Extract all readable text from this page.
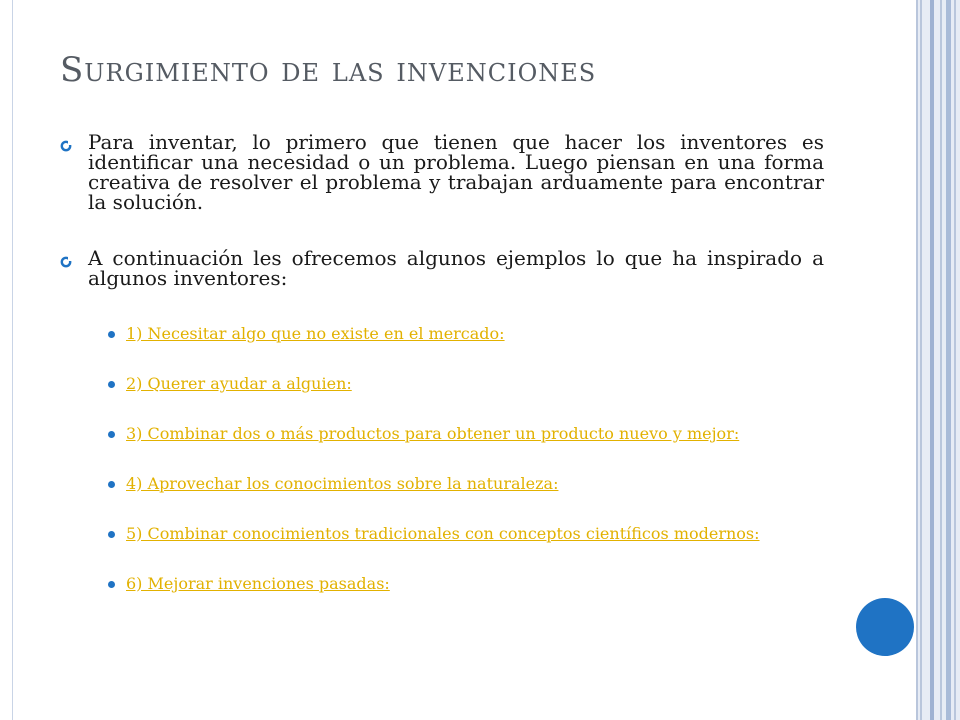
Surgimiento de las invenciones

Para inventar, lo primero que tienen que hacer los inventores es identificar una necesidad o un problema. Luego piensan en una forma creativa de resolver el problema y trabajan arduamente para encontrar la solución.

A continuación les ofrecemos algunos ejemplos lo que ha inspirado a algunos inventores:

1) Necesitar algo que no existe en el mercado:
2) Querer ayudar a alguien:
3) Combinar dos o más productos para obtener un producto nuevo y mejor:
4) Aprovechar los conocimientos sobre la naturaleza:
5) Combinar conocimientos tradicionales con conceptos científicos modernos:
6) Mejorar invenciones pasadas:
